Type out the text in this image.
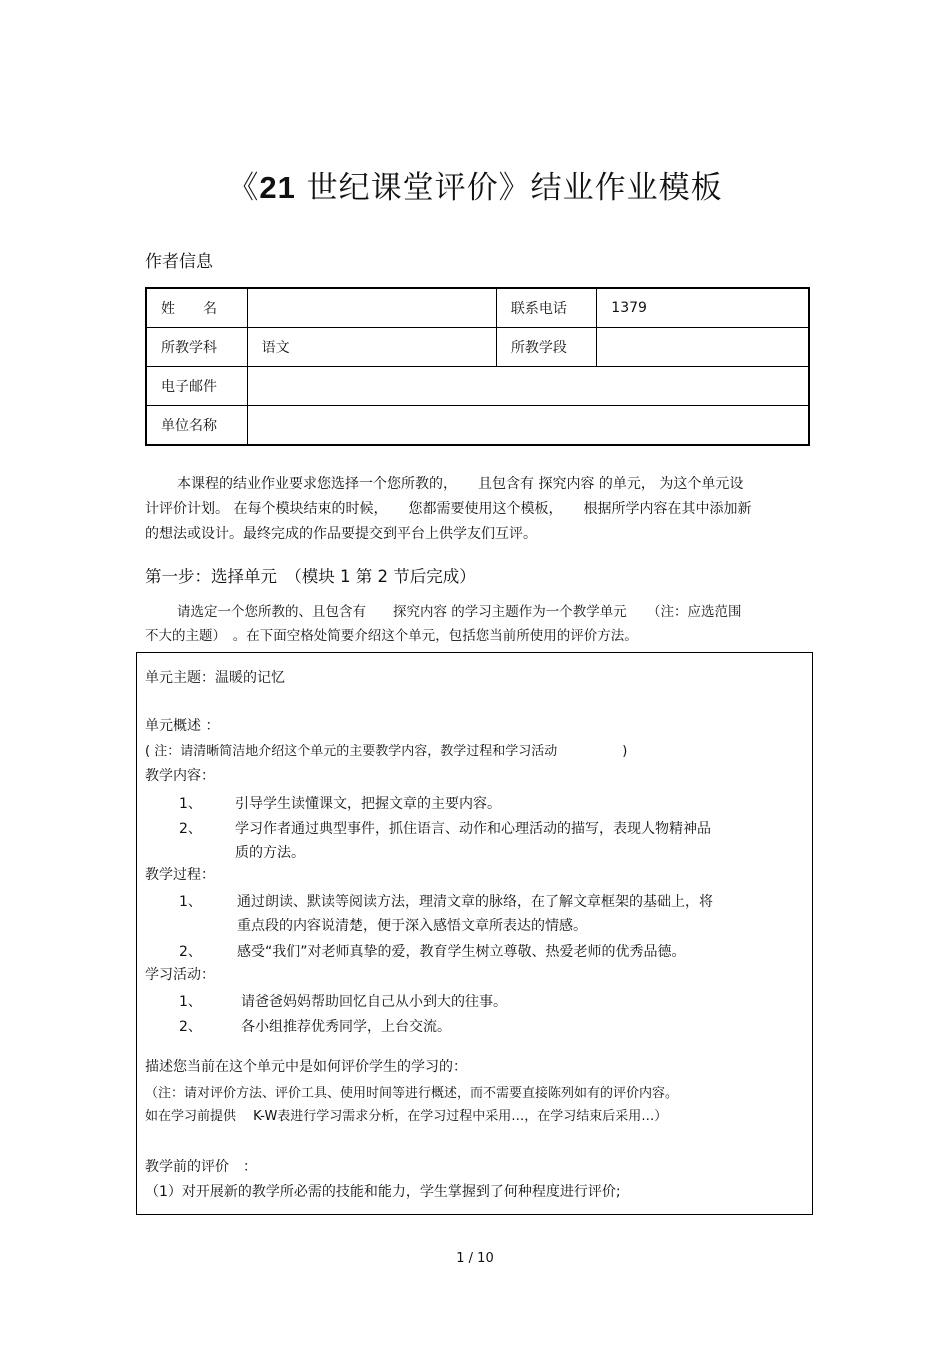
《21 世纪课堂评价》结业作业模板
作者信息
姓　　名		联系电话	1379
所教学科	语文	所教学段	
电子邮件			
单位名称			
本课程的结业作业要求您选择一个您所教的，　　且包含有 探究内容 的单元， 为这个单元设
计评价计划。 在每个模块结束的时候，　　您都需要使用这个模板，　　根据所学内容在其中添加新
的想法或设计。最终完成的作品要提交到平台上供学友们互评。
第一步：选择单元　（模块 1 第 2 节后完成）
请选定一个您所教的、且包含有　　探究内容 的学习主题作为一个教学单元　　（注：应选范围
不大的主题）　。在下面空格处简要介绍这个单元，包括您当前所使用的评价方法。
单元主题：温暖的记忆
单元概述 ：
( 注：请清晰简洁地介绍这个单元的主要教学内容，教学过程和学习活动　　　　　)
教学内容：
1、 引导学生读懂课文，把握文章的主要内容。
2、 学习作者通过典型事件，抓住语言、动作和心理活动的描写，表现人物精神品
质的方法。
教学过程：
1、	通过朗读、默读等阅读方法，理清文章的脉络，在了解文章框架的基础上，将
重点段的内容说清楚，便于深入感悟文章所表达的情感。
2、	感受“我们”对老师真挚的爱，教育学生树立尊敬、热爱老师的优秀品德。
学习活动：
1、	请爸爸妈妈帮助回忆自己从小到大的往事。
2、	各小组推荐优秀同学，上台交流。
描述您当前在这个单元中是如何评价学生的学习的：
（注：请对评价方法、评价工具、使用时间等进行概述，而不需要直接陈列如有的评价内容。
如在学习前提供　 K-W表进行学习需求分析，在学习过程中采用…，在学习结束后采用…）
教学前的评价　：
（1）对开展新的教学所必需的技能和能力，学生掌握到了何种程度进行评价;
1 / 10
